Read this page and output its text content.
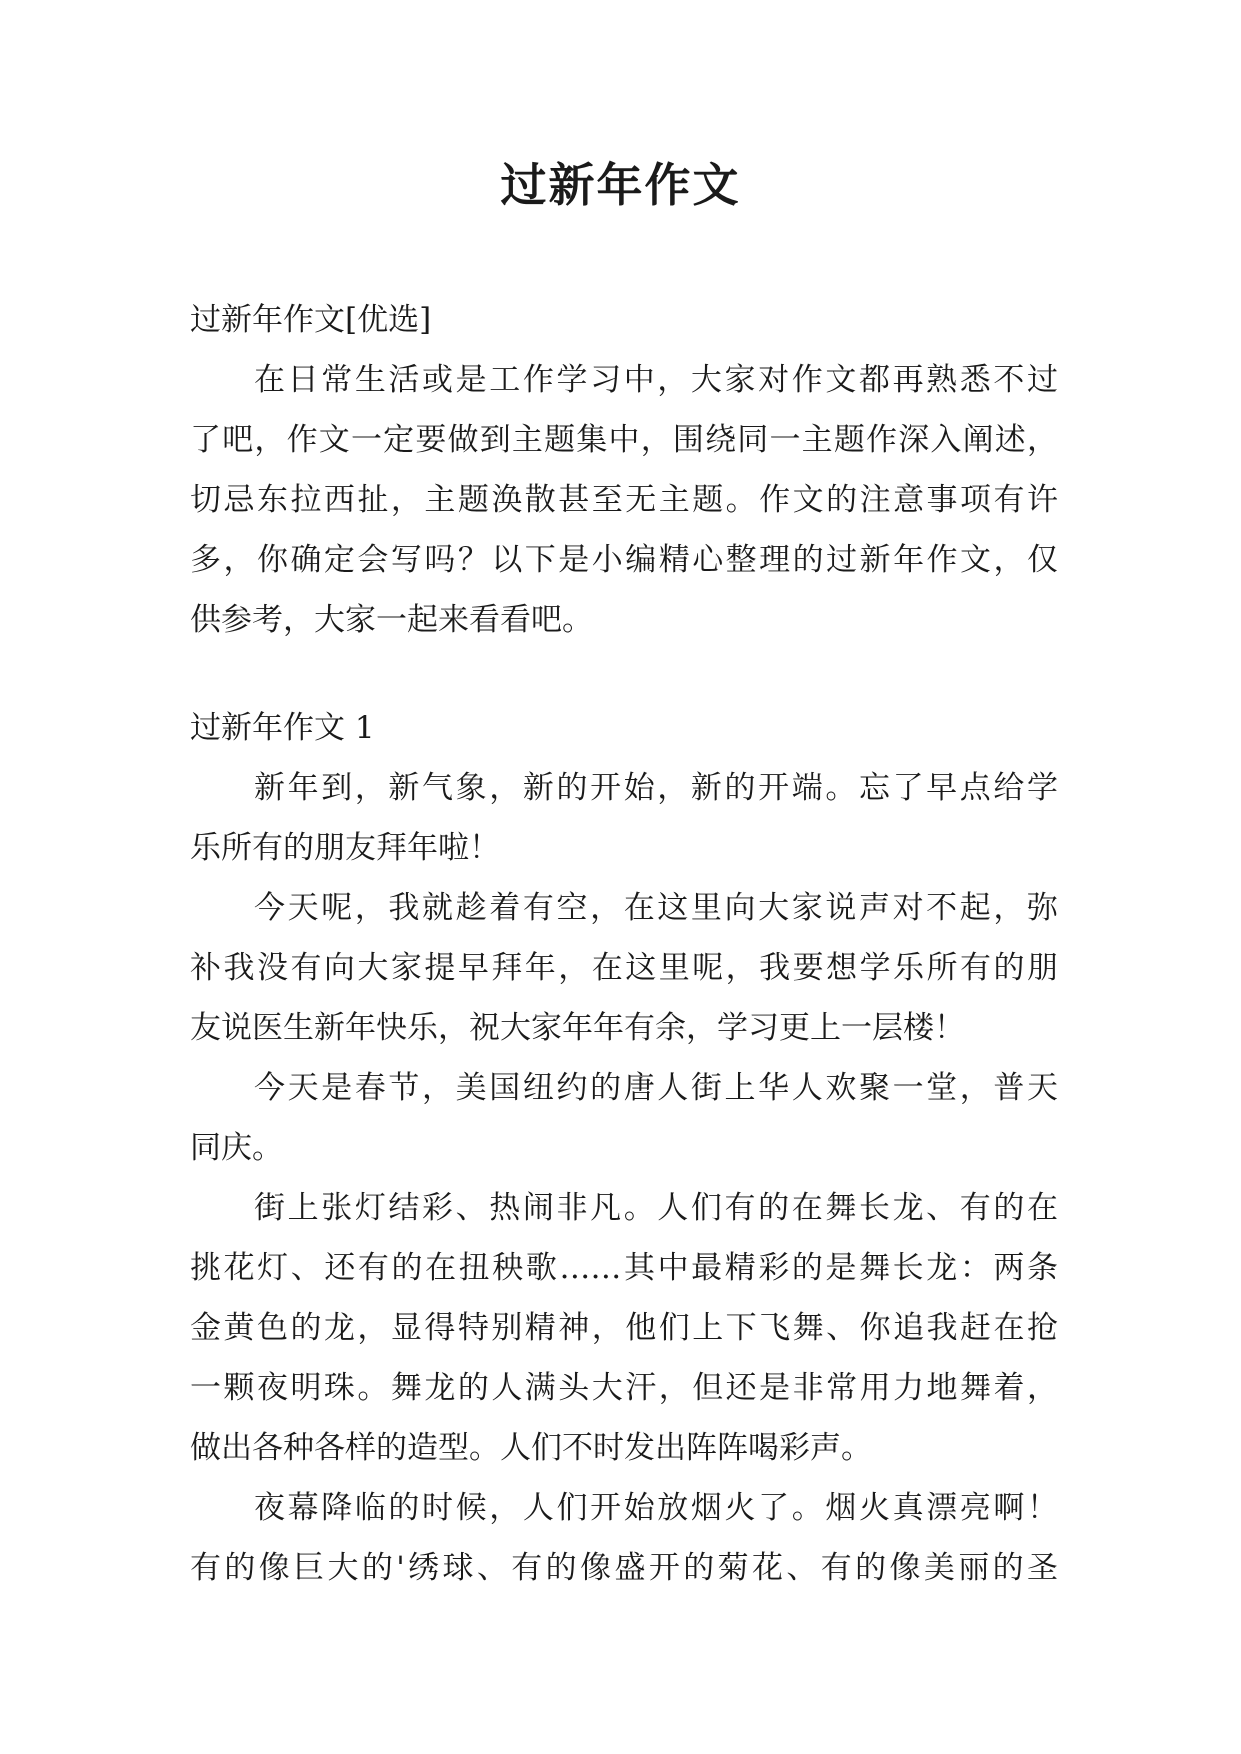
过新年作文
过新年作文[优选]
在日常生活或是工作学习中，大家对作文都再熟悉不过
了吧，作文一定要做到主题集中，围绕同一主题作深入阐述，
切忌东拉西扯，主题涣散甚至无主题。作文的注意事项有许
多，你确定会写吗？以下是小编精心整理的过新年作文，仅
供参考，大家一起来看看吧。
过新年作文 1
新年到，新气象，新的开始，新的开端。忘了早点给学
乐所有的朋友拜年啦！
今天呢，我就趁着有空，在这里向大家说声对不起，弥
补我没有向大家提早拜年，在这里呢，我要想学乐所有的朋
友说医生新年快乐，祝大家年年有余，学习更上一层楼！
今天是春节，美国纽约的唐人街上华人欢聚一堂，普天
同庆。
街上张灯结彩、热闹非凡。人们有的在舞长龙、有的在
挑花灯、还有的在扭秧歌……其中最精彩的是舞长龙：两条
金黄色的龙，显得特别精神，他们上下飞舞、你追我赶在抢
一颗夜明珠。舞龙的人满头大汗，但还是非常用力地舞着，
做出各种各样的造型。人们不时发出阵阵喝彩声。
夜幕降临的时候，人们开始放烟火了。烟火真漂亮啊！
有的像巨大的'绣球、有的像盛开的菊花、有的像美丽的圣
